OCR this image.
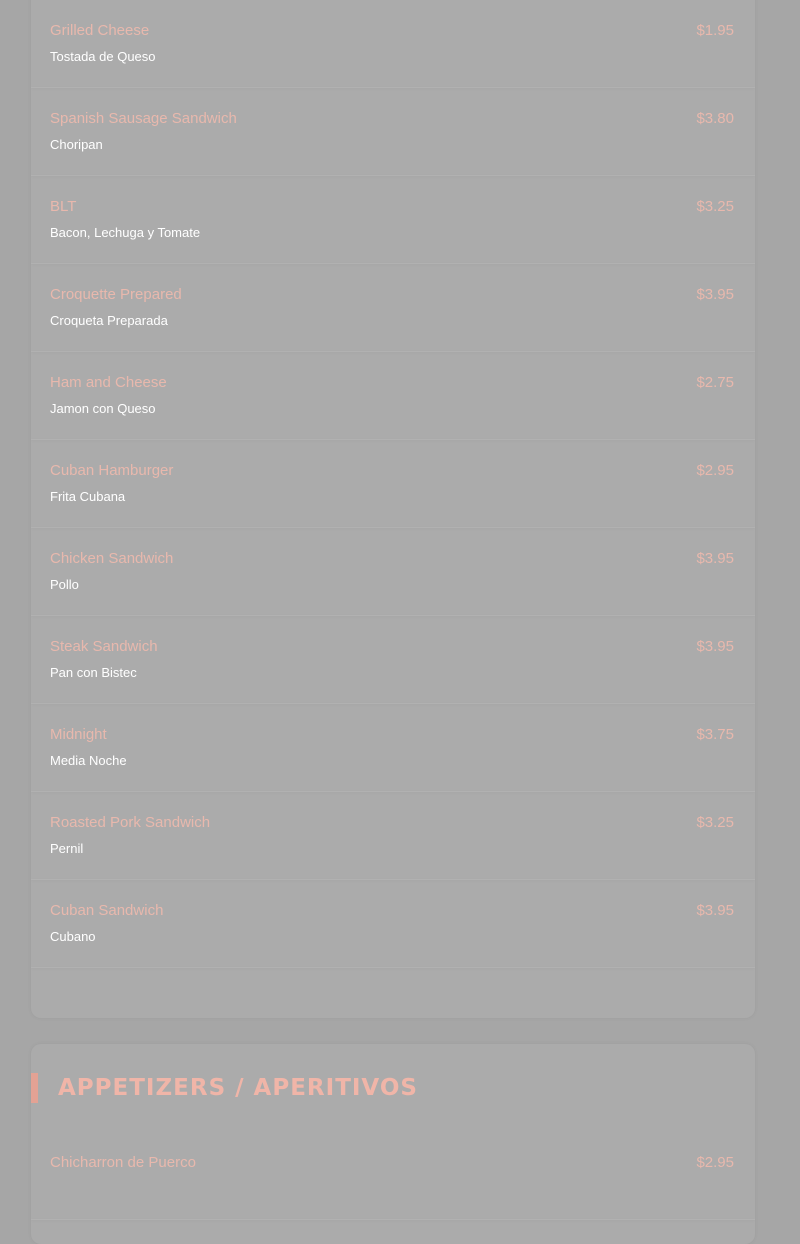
Grilled Cheese
Tostada de Queso
$1.95
Spanish Sausage Sandwich
Choripan
$3.80
BLT
Bacon, Lechuga y Tomate
$3.25
Croquette Prepared
Croqueta Preparada
$3.95
Ham and Cheese
Jamon con Queso
$2.75
Cuban Hamburger
Frita Cubana
$2.95
Chicken Sandwich
Pollo
$3.95
Steak Sandwich
Pan con Bistec
$3.95
Midnight
Media Noche
$3.75
Roasted Pork Sandwich
Pernil
$3.25
Cuban Sandwich
Cubano
$3.95
APPETIZERS / APERITIVOS
Chicharron de Puerco	$2.95
